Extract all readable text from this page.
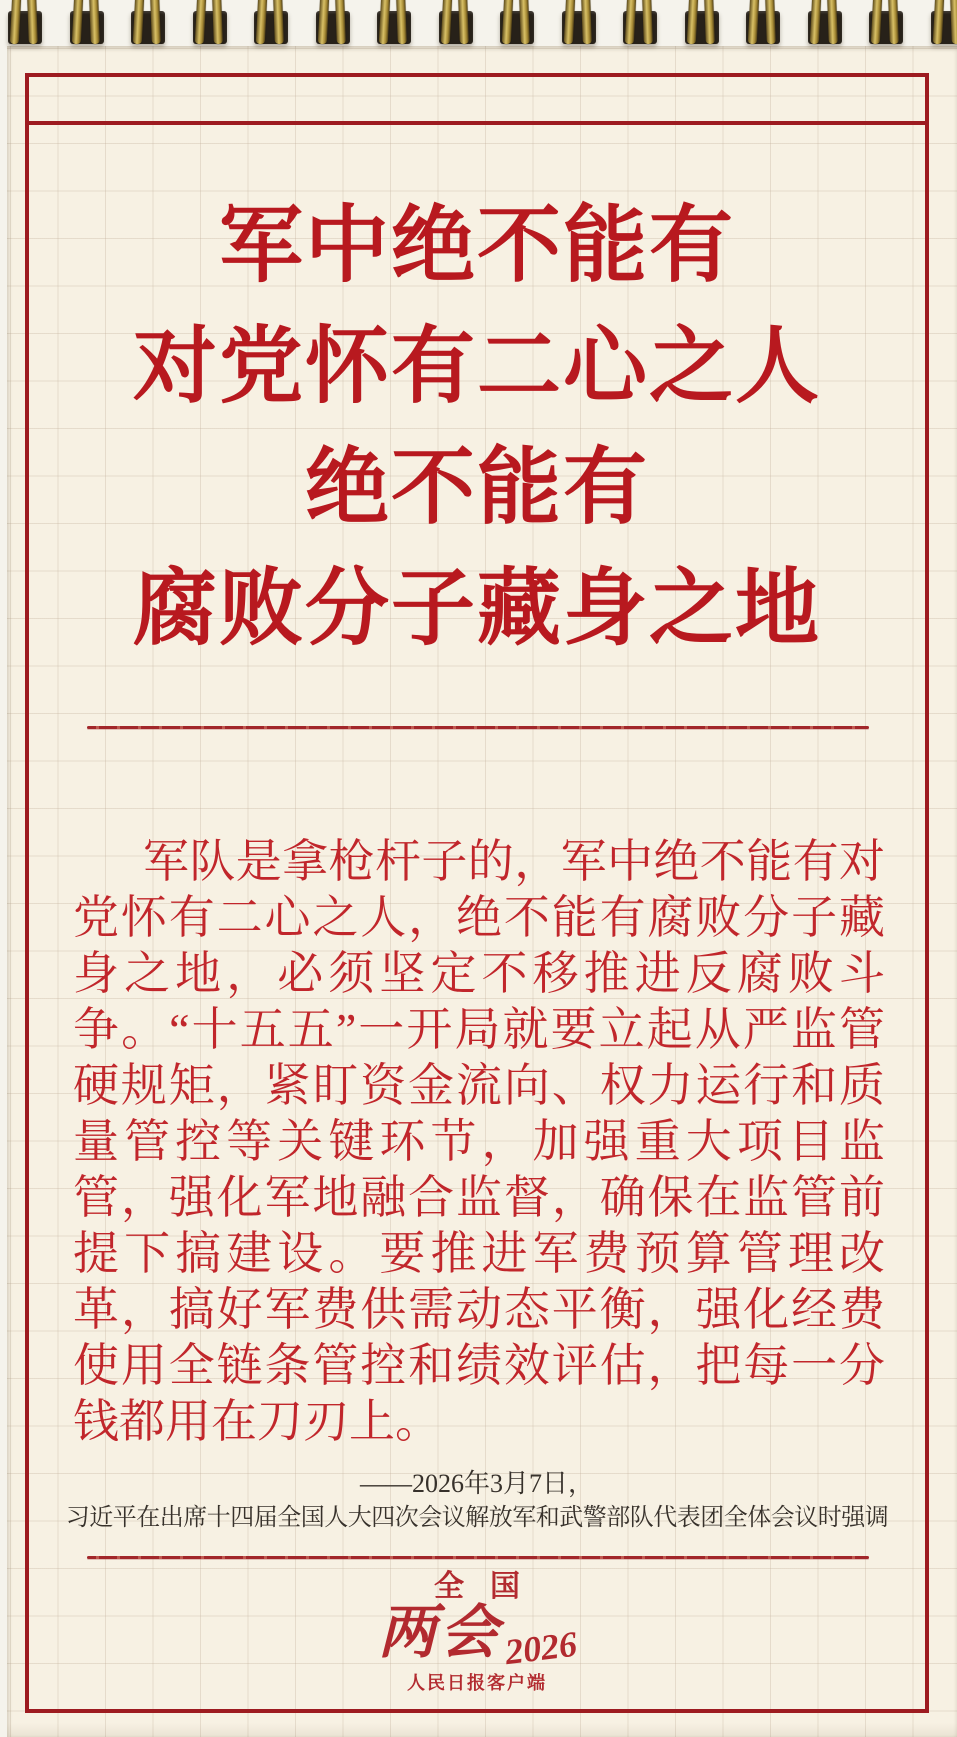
军中绝不能有
对党怀有二心之人
绝不能有
腐败分子藏身之地

军队是拿枪杆子的，军中绝不能有对党怀有二心之人，绝不能有腐败分子藏身之地，必须坚定不移推进反腐败斗争。“十五五”一开局就要立起从严监管硬规矩，紧盯资金流向、权力运行和质量管控等关键环节，加强重大项目监管，强化军地融合监督，确保在监管前提下搞建设。要推进军费预算管理改革，搞好军费供需动态平衡，强化经费使用全链条管控和绩效评估，把每一分钱都用在刀刃上。

——2026年3月7日，
习近平在出席十四届全国人大四次会议解放军和武警部队代表团全体会议时强调
全国
两会2026
人民日报客户端
